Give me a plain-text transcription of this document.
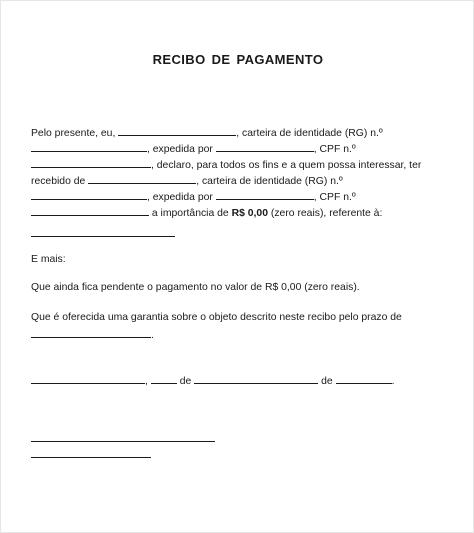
RECIBO DE PAGAMENTO
Pelo presente, eu,	, carteira de identidade (RG) n.º
, expedida por	, CPF n.º
, declaro, para todos os fins e a quem possa interessar, ter
recebido de	, carteira de identidade (RG) n.º
, expedida por	, CPF n.º
a importância de R$ 0,00 (zero reais), referente à:
E mais:
Que ainda fica pendente o pagamento no valor de R$ 0,00 (zero reais).
Que é oferecida uma garantia sobre o objeto descrito neste recibo pelo prazo de
.
,	de	de	.
